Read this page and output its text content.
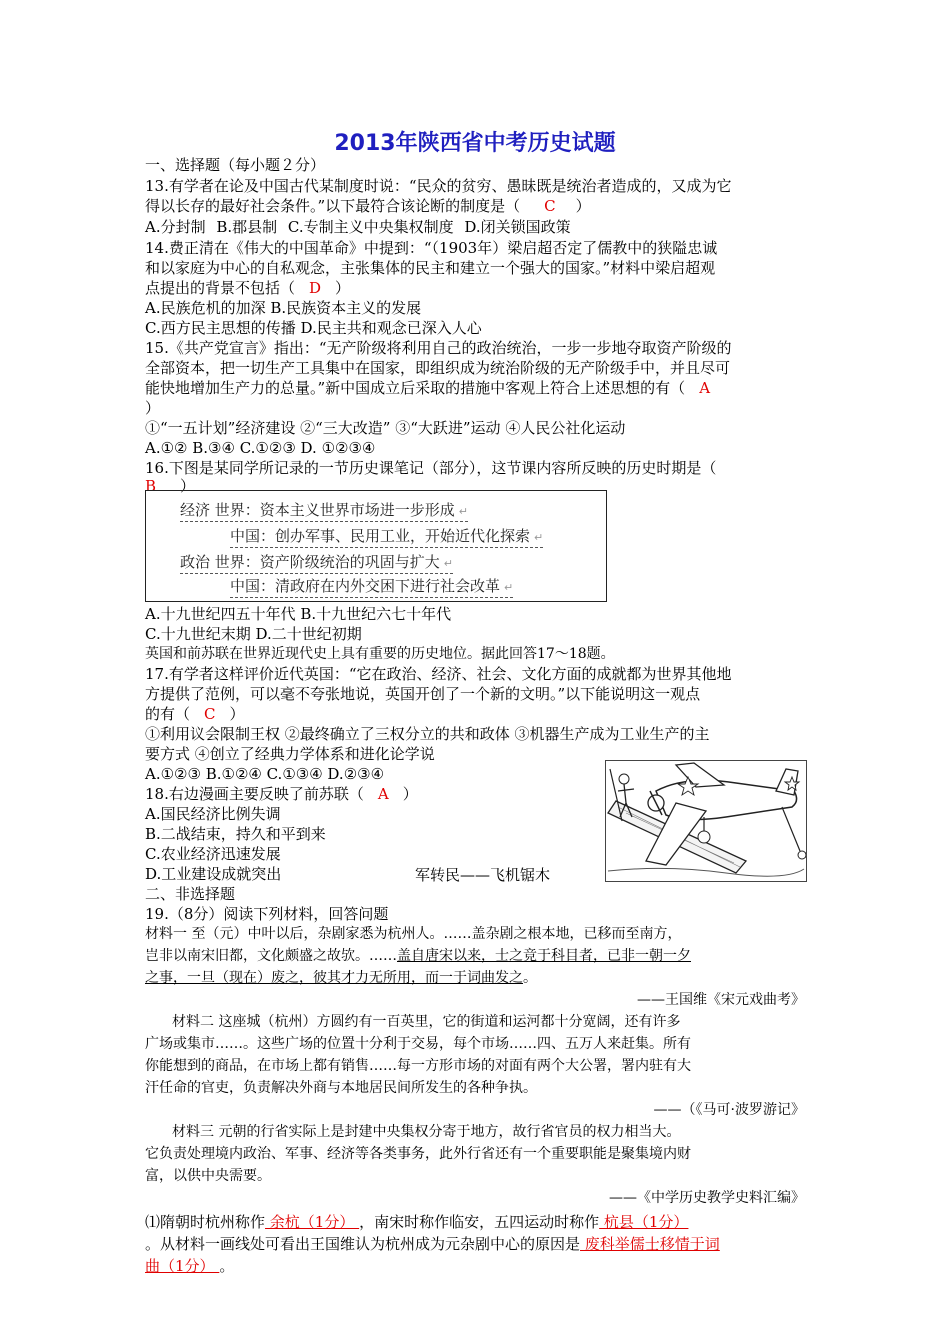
2013年陕西省中考历史试题
一、选择题（每小题２分）
13.有学者在论及中国古代某制度时说：“民众的贫穷、愚昧既是统治者造成的，又成为它
得以长存的最好社会条件。”以下最符合该论断的制度是（ C ）
A.分封制 B.郡县制 C.专制主义中央集权制度 D.闭关锁国政策
14.费正清在《伟大的中国革命》中提到：“（1903年）梁启超否定了儒教中的狭隘忠诚
和以家庭为中心的自私观念，主张集体的民主和建立一个强大的国家。”材料中梁启超观
点提出的背景不包括（ D ）
A.民族危机的加深 B.民族资本主义的发展
C.西方民主思想的传播 D.民主共和观念已深入人心
15.《共产党宣言》指出：“无产阶级将利用自己的政治统治，一步一步地夺取资产阶级的
全部资本，把一切生产工具集中在国家，即组织成为统治阶级的无产阶级手中，并且尽可
能快地增加生产力的总量。”新中国成立后采取的措施中客观上符合上述思想的有（ A
）
①“一五计划”经济建设 ②“三大改造” ③“大跃进”运动 ④人民公社化运动
A.①② B.③④ C.①②③ D. ①②③④
16.下图是某同学所记录的一节历史课笔记（部分），这节课内容所反映的历史时期是（
B ）
经济 世界：资本主义世界市场进一步形成 ↵
中国：创办军事、民用工业，开始近代化探索 ↵
政治 世界：资产阶级统治的巩固与扩大 ↵
中国：清政府在内外交困下进行社会改革 ↵
A.十九世纪四五十年代 B.十九世纪六七十年代
C.十九世纪末期 D.二十世纪初期
英国和前苏联在世界近现代史上具有重要的历史地位。据此回答17～18题。
17.有学者这样评价近代英国：“它在政治、经济、社会、文化方面的成就都为世界其他地
方提供了范例，可以毫不夸张地说，英国开创了一个新的文明。”以下能说明这一观点
的有（ C ）
①利用议会限制王权 ②最终确立了三权分立的共和政体 ③机器生产成为工业生产的主
要方式 ④创立了经典力学体系和进化论学说
A.①②③ B.①②④ C.①③④ D.②③④
18.右边漫画主要反映了前苏联（ A ）
A.国民经济比例失调
B.二战结束，持久和平到来
C.农业经济迅速发展
D.工业建设成就突出	军转民——飞机锯木
二、非选择题
19.（8分）阅读下列材料，回答问题
材料一 至（元）中叶以后，杂剧家悉为杭州人。……盖杂剧之根本地，已移而至南方，
岂非以南宋旧都，文化颇盛之故欤。……盖自唐宋以来，士之竞于科目者，已非一朝一夕
之事，一旦（现在）废之，彼其才力无所用，而一于词曲发之。
——王国维《宋元戏曲考》
材料二 这座城（杭州）方圆约有一百英里，它的街道和运河都十分宽阔，还有许多
广场或集市……。这些广场的位置十分利于交易，每个市场……四、五万人来赶集。所有
你能想到的商品，在市场上都有销售……每一方形市场的对面有两个大公署，署内驻有大
汗任命的官吏，负责解决外商与本地居民间所发生的各种争执。
——（《马可·波罗游记》
材料三 元朝的行省实际上是封建中央集权分寄于地方，故行省官员的权力相当大。
它负责处理境内政治、军事、经济等各类事务，此外行省还有一个重要职能是聚集境内财
富，以供中央需要。
——《中学历史教学史料汇编》
⑴隋朝时杭州称作 余杭（1分） ，南宋时称作临安，五四运动时称作 杭县（1分）
。从材料一画线处可看出王国维认为杭州成为元杂剧中心的原因是 废科举儒士移情于词
曲（1分） 。
